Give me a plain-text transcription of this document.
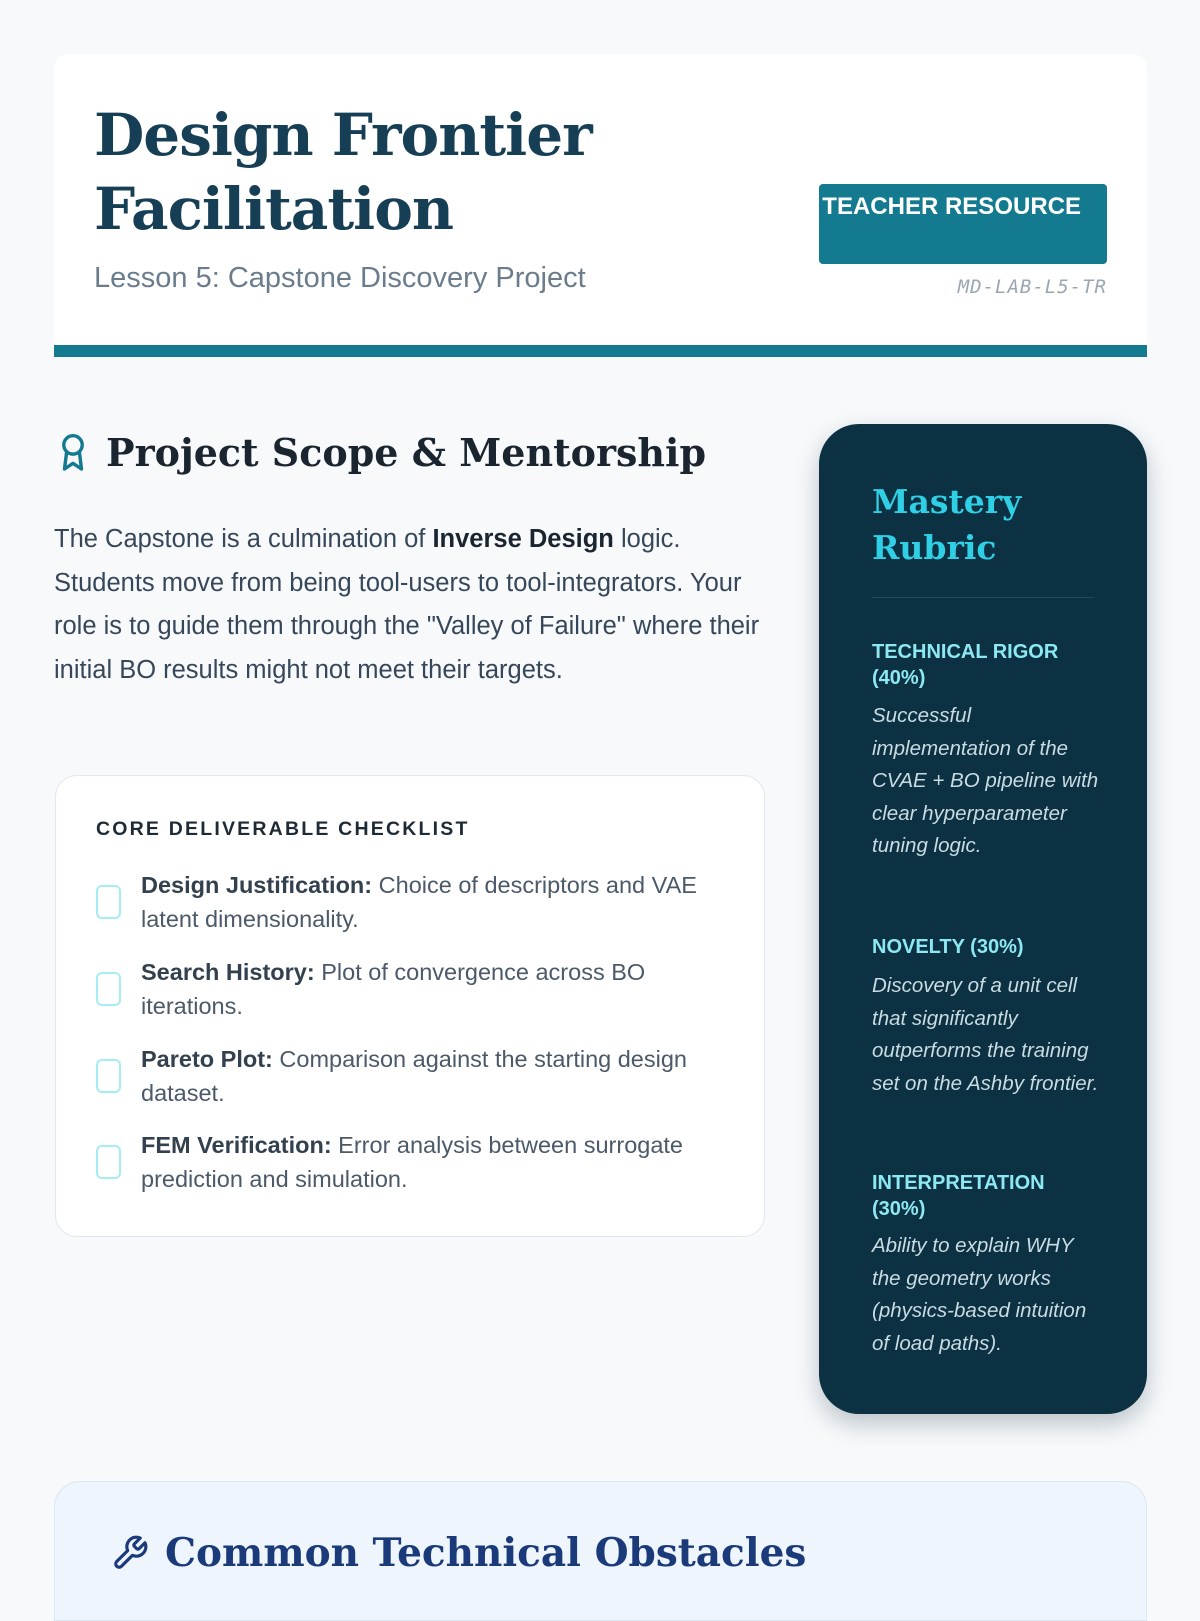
Design Frontier Facilitation
Lesson 5: Capstone Discovery Project
TEACHER RESOURCE
MD-LAB-L5-TR
Project Scope & Mentorship

The Capstone is a culmination of Inverse Design logic. Students move from being tool-users to tool-integrators. Your role is to guide them through the "Valley of Failure" where their initial BO results might not meet their targets.

CORE DELIVERABLE CHECKLIST
Design Justification: Choice of descriptors and VAE latent dimensionality.
Search History: Plot of convergence across BO iterations.
Pareto Plot: Comparison against the starting design dataset.
FEM Verification: Error analysis between surrogate prediction and simulation.
Mastery Rubric
TECHNICAL RIGOR (40%)
Successful implementation of the CVAE + BO pipeline with clear hyperparameter tuning logic.
NOVELTY (30%)
Discovery of a unit cell that significantly outperforms the training set on the Ashby frontier.
INTERPRETATION (30%)
Ability to explain WHY the geometry works (physics-based intuition of load paths).
Common Technical Obstacles
